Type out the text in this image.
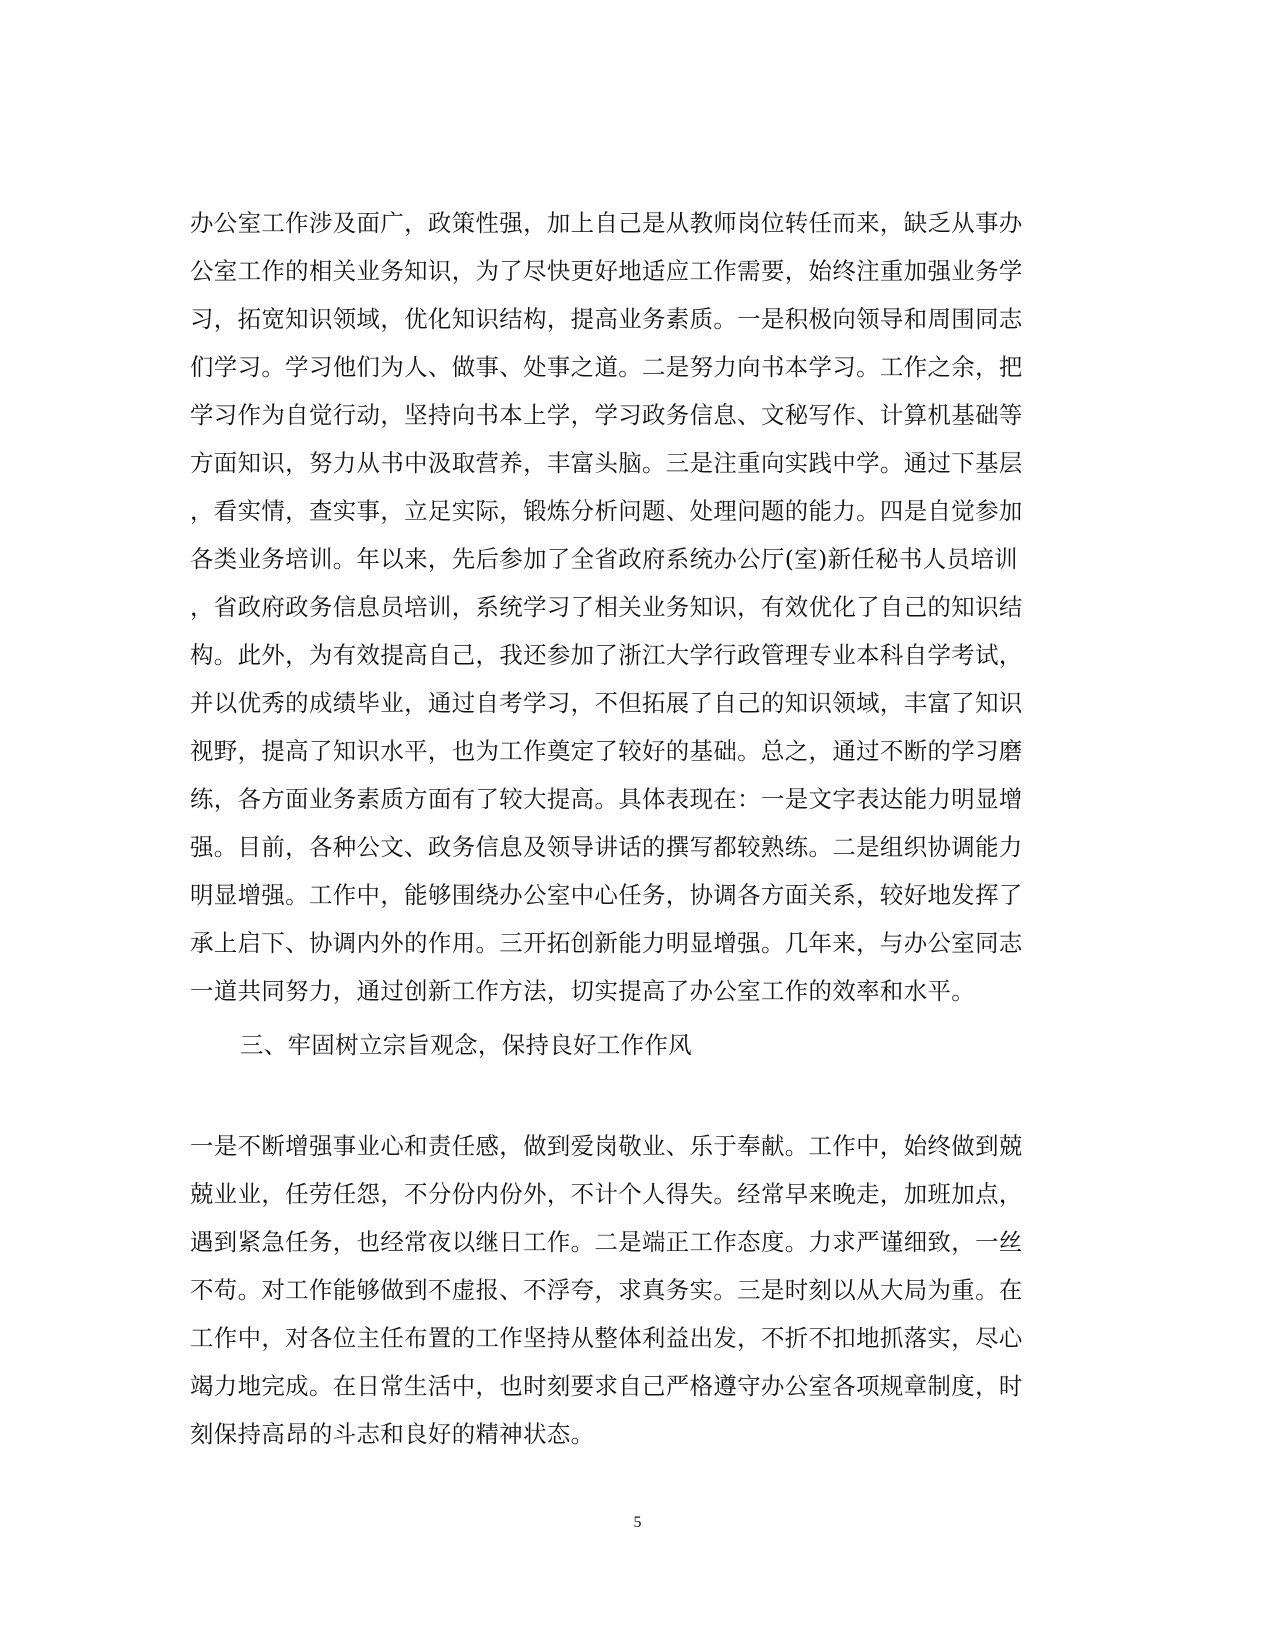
办公室工作涉及面广，政策性强，加上自己是从教师岗位转任而来，缺乏从事办
公室工作的相关业务知识，为了尽快更好地适应工作需要，始终注重加强业务学
习，拓宽知识领域，优化知识结构，提高业务素质。一是积极向领导和周围同志
们学习。学习他们为人、做事、处事之道。二是努力向书本学习。工作之余，把
学习作为自觉行动，坚持向书本上学，学习政务信息、文秘写作、计算机基础等
方面知识，努力从书中汲取营养，丰富头脑。三是注重向实践中学。通过下基层
，看实情，查实事，立足实际，锻炼分析问题、处理问题的能力。四是自觉参加
各类业务培训。年以来，先后参加了全省政府系统办公厅(室)新任秘书人员培训
，省政府政务信息员培训，系统学习了相关业务知识，有效优化了自己的知识结
构。此外，为有效提高自己，我还参加了浙江大学行政管理专业本科自学考试，
并以优秀的成绩毕业，通过自考学习，不但拓展了自己的知识领域，丰富了知识
视野，提高了知识水平，也为工作奠定了较好的基础。总之，通过不断的学习磨
练，各方面业务素质方面有了较大提高。具体表现在：一是文字表达能力明显增
强。目前，各种公文、政务信息及领导讲话的撰写都较熟练。二是组织协调能力
明显增强。工作中，能够围绕办公室中心任务，协调各方面关系，较好地发挥了
承上启下、协调内外的作用。三开拓创新能力明显增强。几年来，与办公室同志
一道共同努力，通过创新工作方法，切实提高了办公室工作的效率和水平。
三、牢固树立宗旨观念，保持良好工作作风
一是不断增强事业心和责任感，做到爱岗敬业、乐于奉献。工作中，始终做到兢
兢业业，任劳任怨，不分份内份外，不计个人得失。经常早来晚走，加班加点，
遇到紧急任务，也经常夜以继日工作。二是端正工作态度。力求严谨细致，一丝
不苟。对工作能够做到不虚报、不浮夸，求真务实。三是时刻以从大局为重。在
工作中，对各位主任布置的工作坚持从整体利益出发，不折不扣地抓落实，尽心
竭力地完成。在日常生活中，也时刻要求自己严格遵守办公室各项规章制度，时
刻保持高昂的斗志和良好的精神状态。
5
